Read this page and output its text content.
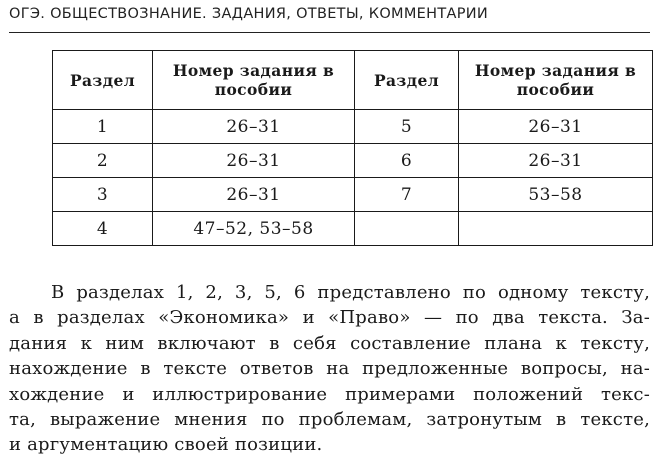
ОГЭ. ОБЩЕСТВОЗНАНИЕ. ЗАДАНИЯ, ОТВЕТЫ, КОММЕНТАРИИ
Раздел	Номер задания в пособии	Раздел	Номер задания в пособии
1	26–31	5	26–31
2	26–31	6	26–31
3	26–31	7	53–58
4	47–52, 53–58		
В разделах 1, 2, 3, 5, 6 представлено по одному тексту,
а в разделах «Экономика» и «Право» — по два текста. За-
дания к ним включают в себя составление плана к тексту,
нахождение в тексте ответов на предложенные вопросы, на-
хождение и иллюстрирование примерами положений текс-
та, выражение мнения по проблемам, затронутым в тексте,
и аргументацию своей позиции.
